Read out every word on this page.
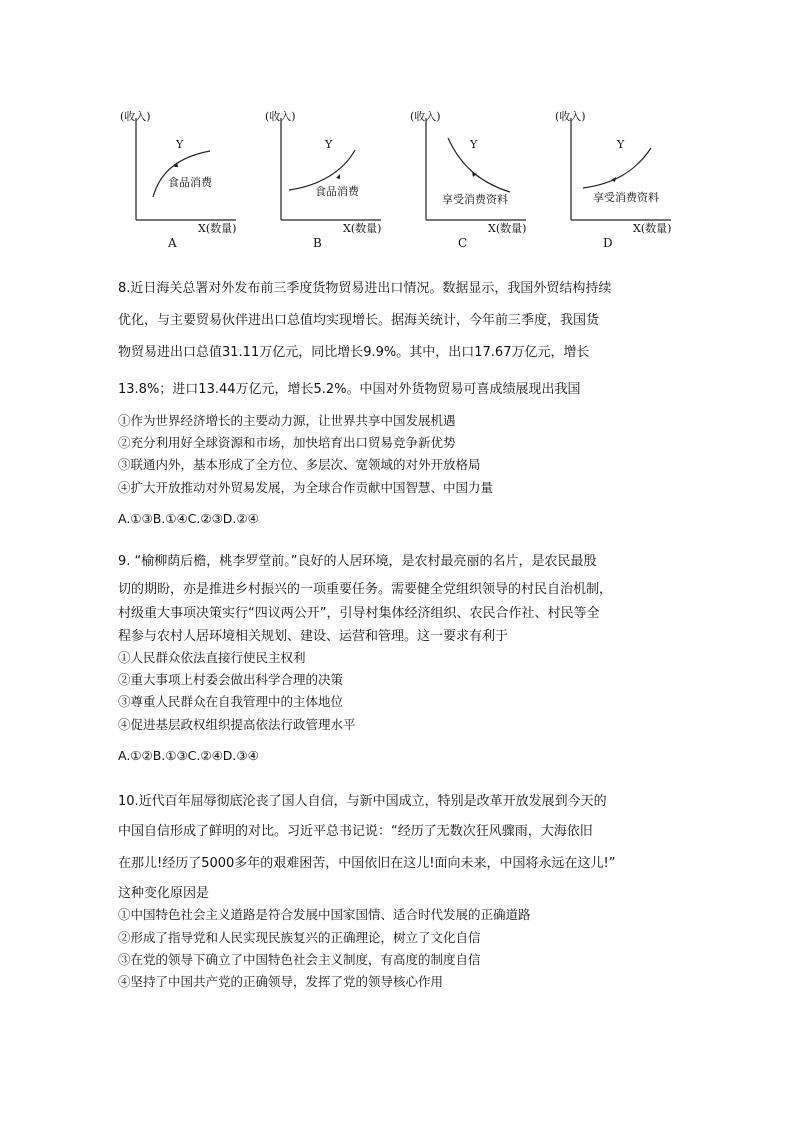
(收入)
Y
食品消费
X(数量)
A
(收入)
Y
食品消费
X(数量)
B
(收入)
Y
享受消费资料
X(数量)
C
(收入)
Y
享受消费资料
X(数量)
D
8.近日海关总署对外发布前三季度货物贸易进出口情况。数据显示，我国外贸结构持续
优化，与主要贸易伙伴进出口总值均实现增长。据海关统计，今年前三季度，我国货
物贸易进出口总值31.11万亿元，同比增长9.9%。其中，出口17.67万亿元，增长
13.8%；进口13.44万亿元，增长5.2%。中国对外货物贸易可喜成绩展现出我国
①作为世界经济增长的主要动力源，让世界共享中国发展机遇
②充分利用好全球资源和市场，加快培育出口贸易竞争新优势
③联通内外，基本形成了全方位、多层次、宽领域的对外开放格局
④扩大开放推动对外贸易发展，为全球合作贡献中国智慧、中国力量
A.①③B.①④C.②③D.②④
9. “榆柳荫后檐，桃李罗堂前。”良好的人居环境，是农村最亮丽的名片，是农民最殷
切的期盼，亦是推进乡村振兴的一项重要任务。需要健全党组织领导的村民自治机制，
村级重大事项决策实行“四议两公开”，引导村集体经济组织、农民合作社、村民等全
程参与农村人居环境相关规划、建设、运营和管理。这一要求有利于
①人民群众依法直接行使民主权利
②重大事项上村委会做出科学合理的决策
③尊重人民群众在自我管理中的主体地位
④促进基层政权组织提高依法行政管理水平
A.①②B.①③C.②④D.③④
10.近代百年屈辱彻底沦丧了国人自信，与新中国成立，特别是改革开放发展到今天的
中国自信形成了鲜明的对比。习近平总书记说：“经历了无数次狂风骤雨，大海依旧
在那儿!经历了5000多年的艰难困苦，中国依旧在这儿!面向未来，中国将永远在这儿!”
这种变化原因是
①中国特色社会主义道路是符合发展中国家国情、适合时代发展的正确道路
②形成了指导党和人民实现民族复兴的正确理论，树立了文化自信
③在党的领导下确立了中国特色社会主义制度，有高度的制度自信
④坚持了中国共产党的正确领导，发挥了党的领导核心作用
